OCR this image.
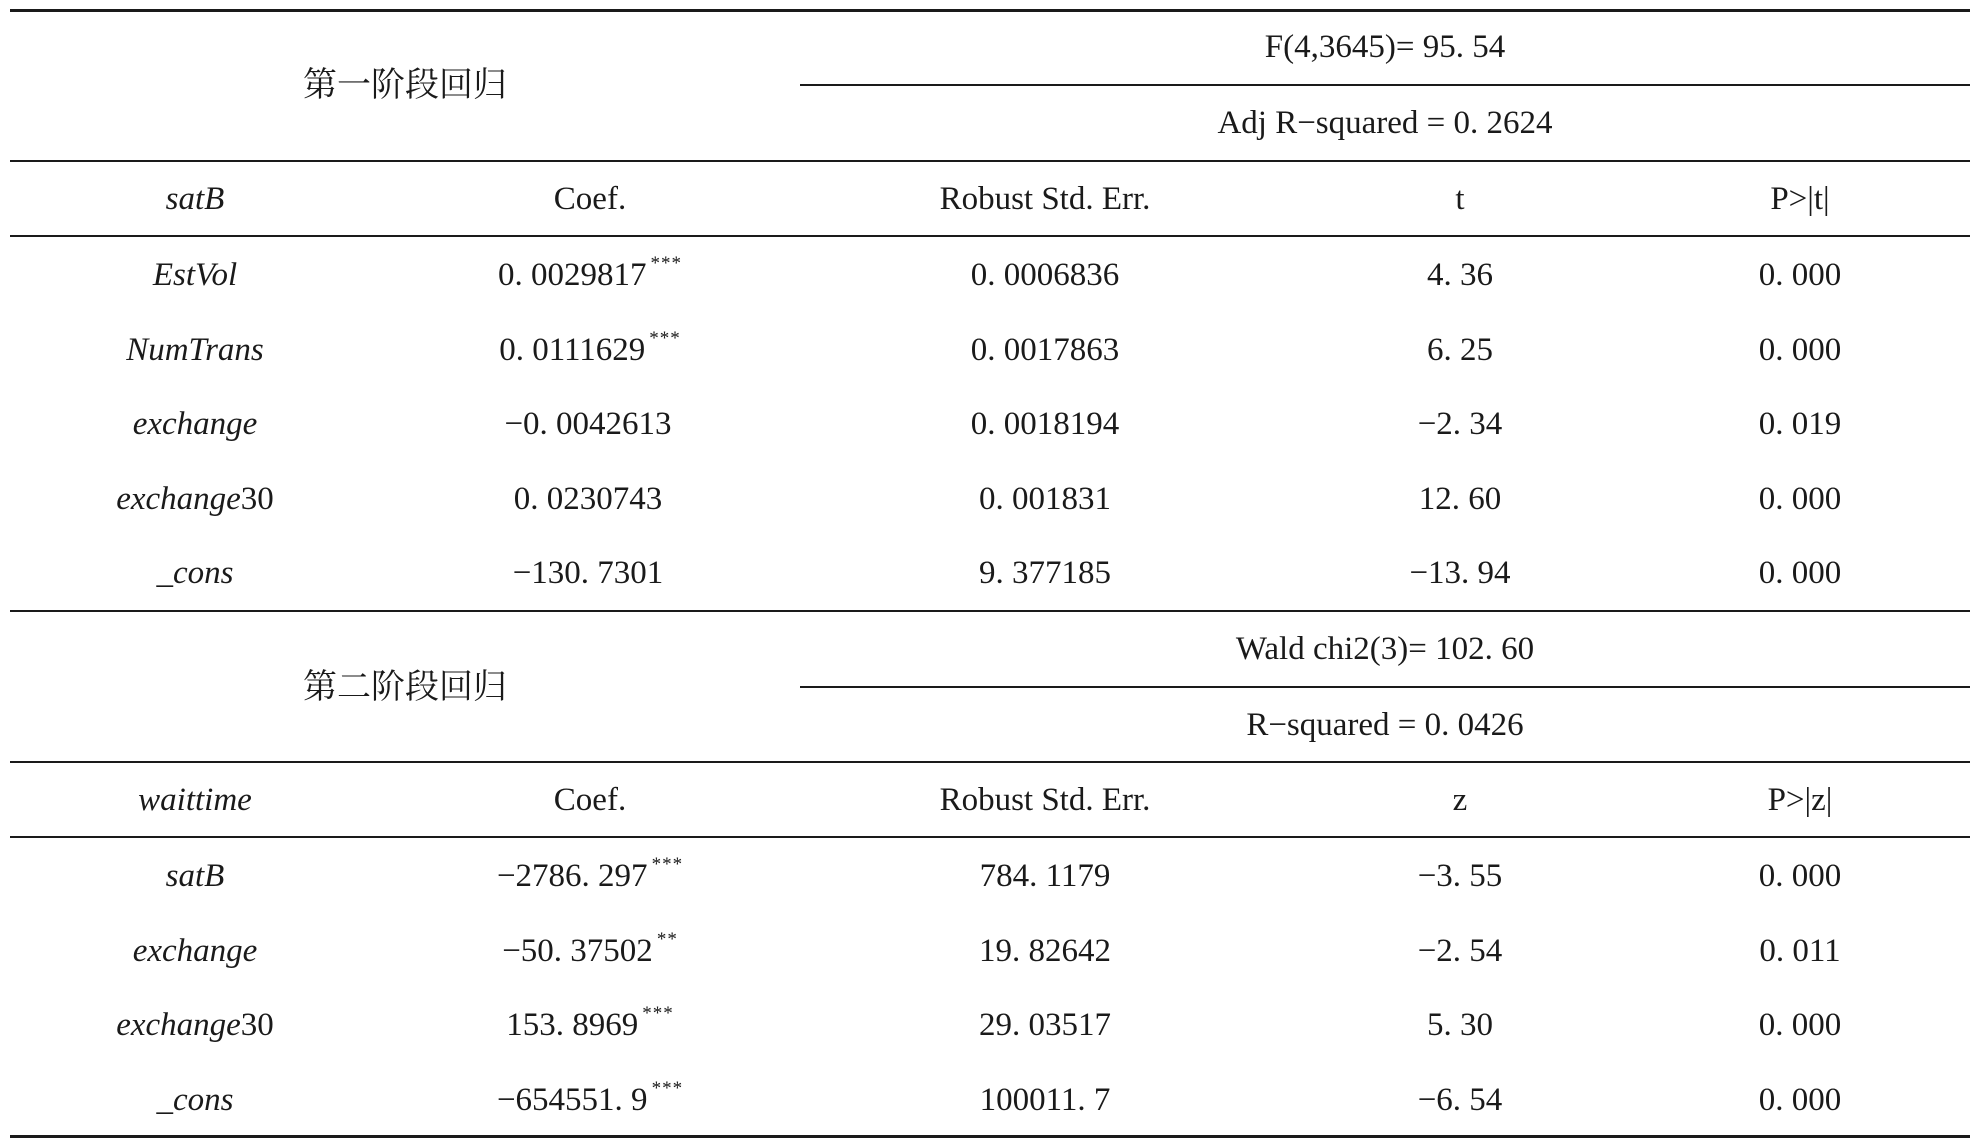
第一阶段回归
F(4,3645)= 95. 54
Adj R−squared = 0. 2624
satB	Coef.	Robust Std. Err.	t	P>|t|
EstVol	0. 0029817 ***	0. 0006836	4. 36	0. 000
NumTrans	0. 0111629 ***	0. 0017863	6. 25	0. 000
exchange	−0. 0042613	0. 0018194	−2. 34	0. 019
exchange30	0. 0230743	0. 001831	12. 60	0. 000
_cons	−130. 7301	9. 377185	−13. 94	0. 000
第二阶段回归
Wald chi2(3)= 102. 60
R−squared = 0. 0426
waittime	Coef.	Robust Std. Err.	z	P>|z|
satB	−2786. 297 ***	784. 1179	−3. 55	0. 000
exchange	−50. 37502 **	19. 82642	−2. 54	0. 011
exchange30	153. 8969 ***	29. 03517	5. 30	0. 000
_cons	−654551. 9 ***	100011. 7	−6. 54	0. 000
